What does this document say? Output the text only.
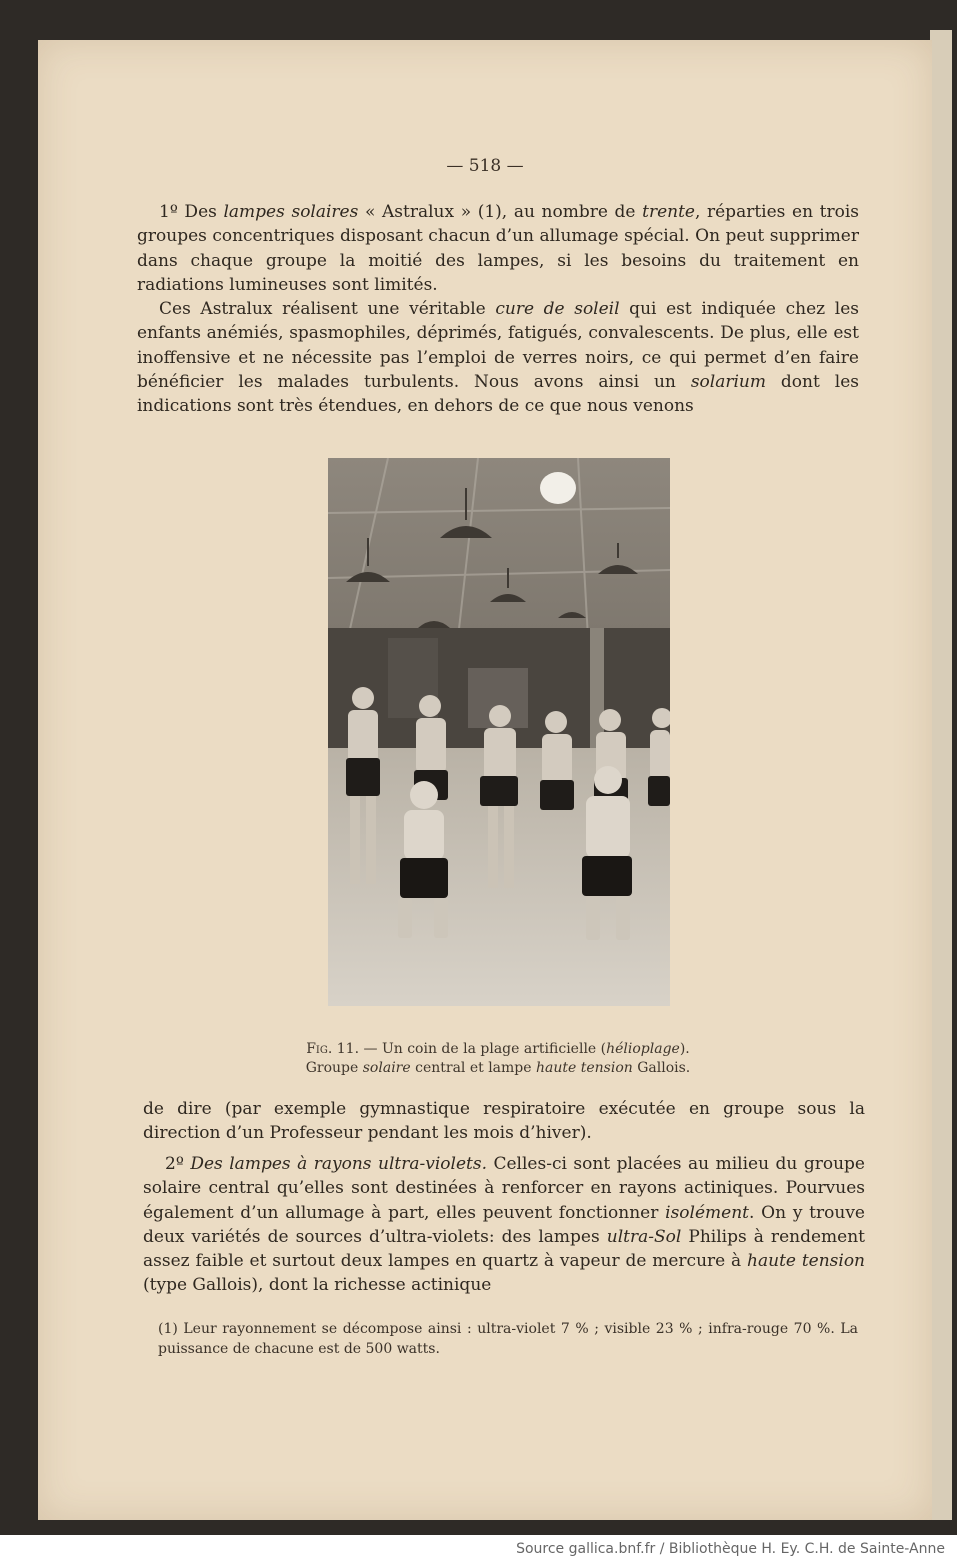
— 518 —

1º Des lampes solaires « Astralux » (1), au nombre de trente, réparties en trois groupes concentriques disposant chacun d’un allumage spécial. On peut supprimer dans chaque groupe la moitié des lampes, si les besoins du traitement en radiations lumineuses sont limités.

Ces Astralux réalisent une véritable cure de soleil qui est indiquée chez les enfants anémiés, spasmophiles, déprimés, fatigués, convalescents. De plus, elle est inoffensive et ne nécessite pas l’emploi de verres noirs, ce qui permet d’en faire bénéficier les malades turbulents. Nous avons ainsi un solarium dont les indications sont très étendues, en dehors de ce que nous venons

Fig. 11. — Un coin de la plage artificielle (hélioplage).
Groupe solaire central et lampe haute tension Gallois.

de dire (par exemple gymnastique respiratoire exécutée en groupe sous la direction d’un Professeur pendant les mois d’hiver).

2º Des lampes à rayons ultra-violets. Celles-ci sont placées au milieu du groupe solaire central qu’elles sont destinées à renforcer en rayons actiniques. Pourvues également d’un allumage à part, elles peuvent fonctionner isolément. On y trouve deux variétés de sources d’ultra-violets: des lampes ultra-Sol Philips à rendement assez faible et surtout deux lampes en quartz à vapeur de mercure à haute tension (type Gallois), dont la richesse actinique

(1) Leur rayonnement se décompose ainsi : ultra-violet 7 % ; visible 23 % ; infra-rouge 70 %. La puissance de chacune est de 500 watts.

Source gallica.bnf.fr / Bibliothèque H. Ey. C.H. de Sainte-Anne
